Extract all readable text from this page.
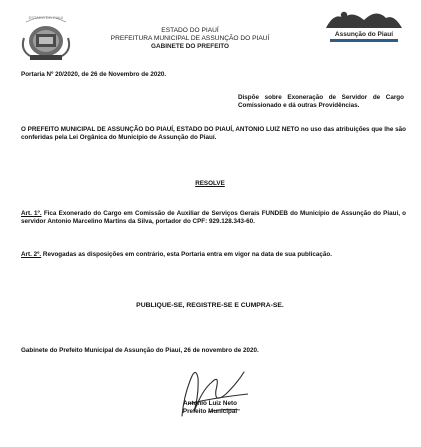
ESTADO DO PIAUI
ESTADO DO PIAUÍ
PREFEITURA MUNICIPAL DE ASSUNÇÃO DO PIAUÍ
GABINETE DO PREFEITO
Assunção do Piauí
Portaria Nº 20/2020, de 26 de Novembro de 2020.
Dispõe sobre Exoneração de Servidor de Cargo Comissionado e dá outras Providências.
O PREFEITO MUNICIPAL DE ASSUNÇÃO DO PIAUÍ, ESTADO DO PIAUÍ, ANTONIO LUIZ NETO no uso das atribuições que lhe são conferidas pela Lei Orgânica do Município de Assunção do Piauí.
RESOLVE
Art. 1º. Fica Exonerado do Cargo em Comissão de Auxiliar de Serviços Gerais FUNDEB do Município de Assunção do Piauí, o servidor Antonio Marcelino Martins da Silva, portador do CPF: 929.128.343-60.
Art. 2º. Revogadas as disposições em contrário, esta Portaria entra em vigor na data de sua publicação.
PUBLIQUE-SE, REGISTRE-SE E CUMPRA-SE.
Gabinete do Prefeito Municipal de Assunção do Piauí, 26 de novembro de 2020.
Antonio Luiz Neto
Prefeito Municipal
